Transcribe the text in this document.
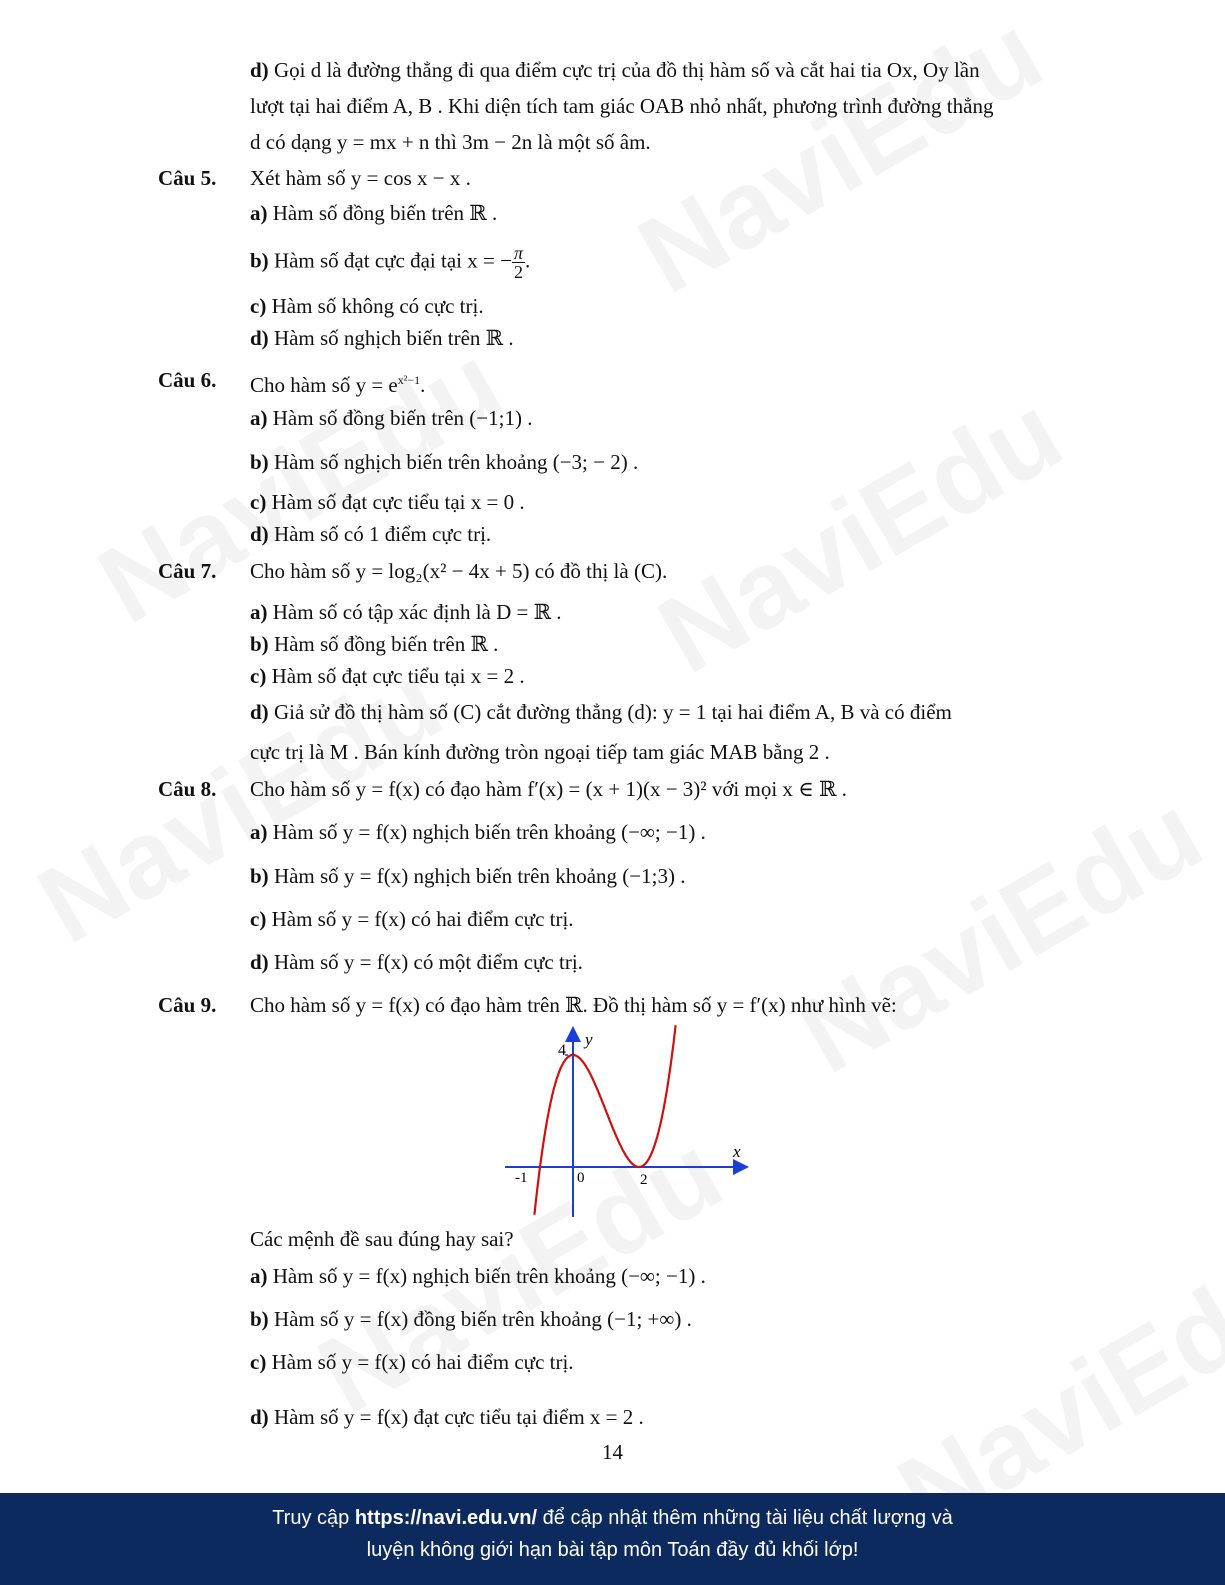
d) Gọi d là đường thẳng đi qua điểm cực trị của đồ thị hàm số và cắt hai tia Ox, Oy lần
lượt tại hai điểm A, B . Khi diện tích tam giác OAB nhỏ nhất, phương trình đường thẳng
d có dạng y = mx + n thì 3m − 2n là một số âm.
Câu 5. Xét hàm số y = cos x − x .
a) Hàm số đồng biến trên ℝ .
b) Hàm số đạt cực đại tại x = − $\frac{\pi}{2}$ .
c) Hàm số không có cực trị.
d) Hàm số nghịch biến trên ℝ .
Câu 6. Cho hàm số $y = e^{x^2-1}$.
a) Hàm số đồng biến trên (−1;1) .
b) Hàm số nghịch biến trên khoảng (−3; − 2) .
c) Hàm số đạt cực tiểu tại x = 0 .
d) Hàm số có 1 điểm cực trị.
Câu 7. Cho hàm số y = log₂(x² − 4x + 5) có đồ thị là (C).
a) Hàm số có tập xác định là D = ℝ .
b) Hàm số đồng biến trên ℝ .
c) Hàm số đạt cực tiểu tại x = 2 .
d) Giả sử đồ thị hàm số (C) cắt đường thẳng (d): y = 1 tại hai điểm A, B và có điểm
cực trị là M . Bán kính đường tròn ngoại tiếp tam giác MAB bằng 2 .
Câu 8. Cho hàm số y = f(x) có đạo hàm f′(x) = (x + 1)(x − 3)² với mọi x ∈ ℝ .
a) Hàm số y = f(x) nghịch biến trên khoảng (−∞; −1) .
b) Hàm số y = f(x) nghịch biến trên khoảng (−1;3) .
c) Hàm số y = f(x) có hai điểm cực trị.
d) Hàm số y = f(x) có một điểm cực trị.
Câu 9. Cho hàm số y = f(x) có đạo hàm trên ℝ. Đồ thị hàm số y = f′(x) như hình vẽ:
y
x
4
-1	0	2
Các mệnh đề sau đúng hay sai?
a) Hàm số y = f(x) nghịch biến trên khoảng (−∞; −1) .
b) Hàm số y = f(x) đồng biến trên khoảng (−1; +∞) .
c) Hàm số y = f(x) có hai điểm cực trị.
d) Hàm số y = f(x) đạt cực tiểu tại điểm x = 2 .
14
Truy cập https://navi.edu.vn/ để cập nhật thêm những tài liệu chất lượng và
luyện không giới hạn bài tập môn Toán đầy đủ khối lớp!
